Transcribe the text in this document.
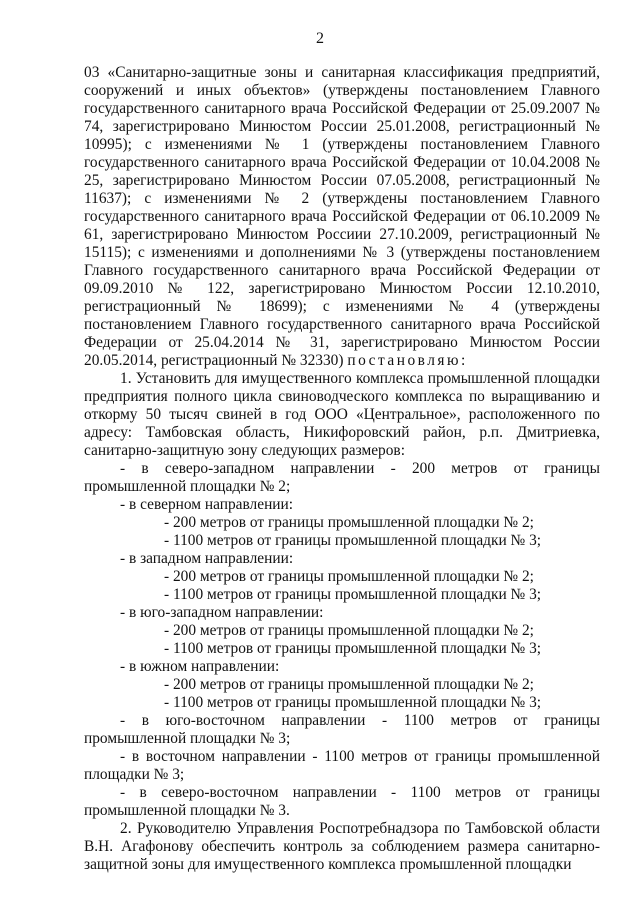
2

03 «Санитарно-защитные зоны и санитарная классификация предприятий, сооружений и иных объектов» (утверждены постановлением Главного государственного санитарного врача Российской Федерации от 25.09.2007 № 74, зарегистрировано Минюстом России 25.01.2008, регистрационный № 10995); с изменениями № 1 (утверждены постановлением Главного государственного санитарного врача Российской Федерации от 10.04.2008 № 25, зарегистрировано Минюстом России 07.05.2008, регистрационный № 11637); с изменениями № 2 (утверждены постановлением Главного государственного санитарного врача Российской Федерации от 06.10.2009 № 61, зарегистрировано Минюстом Россиии 27.10.2009, регистрационный № 15115); с изменениями и дополнениями № 3 (утверждены постановлением Главного государственного санитарного врача Российской Федерации от 09.09.2010 № 122, зарегистрировано Минюстом России 12.10.2010, регистрационный № 18699); с изменениями № 4 (утверждены постановлением Главного государственного санитарного врача Российской Федерации от 25.04.2014 № 31, зарегистрировано Минюстом России 20.05.2014, регистрационный № 32330) постановляю:

1. Установить для имущественного комплекса промышленной площадки предприятия полного цикла свиноводческого комплекса по выращиванию и откорму 50 тысяч свиней в год ООО «Центральное», расположенного по адресу: Тамбовская область, Никифоровский район, р.п. Дмитриевка, санитарно-защитную зону следующих размеров:

- в северо-западном направлении - 200 метров от границы промышленной площадки № 2;

- в северном направлении:

- 200 метров от границы промышленной площадки № 2;

- 1100 метров от границы промышленной площадки № 3;

- в западном направлении:

- 200 метров от границы промышленной площадки № 2;

- 1100 метров от границы промышленной площадки № 3;

- в юго-западном направлении:

- 200 метров от границы промышленной площадки № 2;

- 1100 метров от границы промышленной площадки № 3;

- в южном направлении:

- 200 метров от границы промышленной площадки № 2;

- 1100 метров от границы промышленной площадки № 3;

- в юго-восточном направлении - 1100 метров от границы промышленной площадки № 3;

- в восточном направлении - 1100 метров от границы промышленной площадки № 3;

- в северо-восточном направлении - 1100 метров от границы промышленной площадки № 3.

2. Руководителю Управления Роспотребнадзора по Тамбовской области В.Н. Агафонову обеспечить контроль за соблюдением размера санитарно-защитной зоны для имущественного комплекса промышленной площадки
